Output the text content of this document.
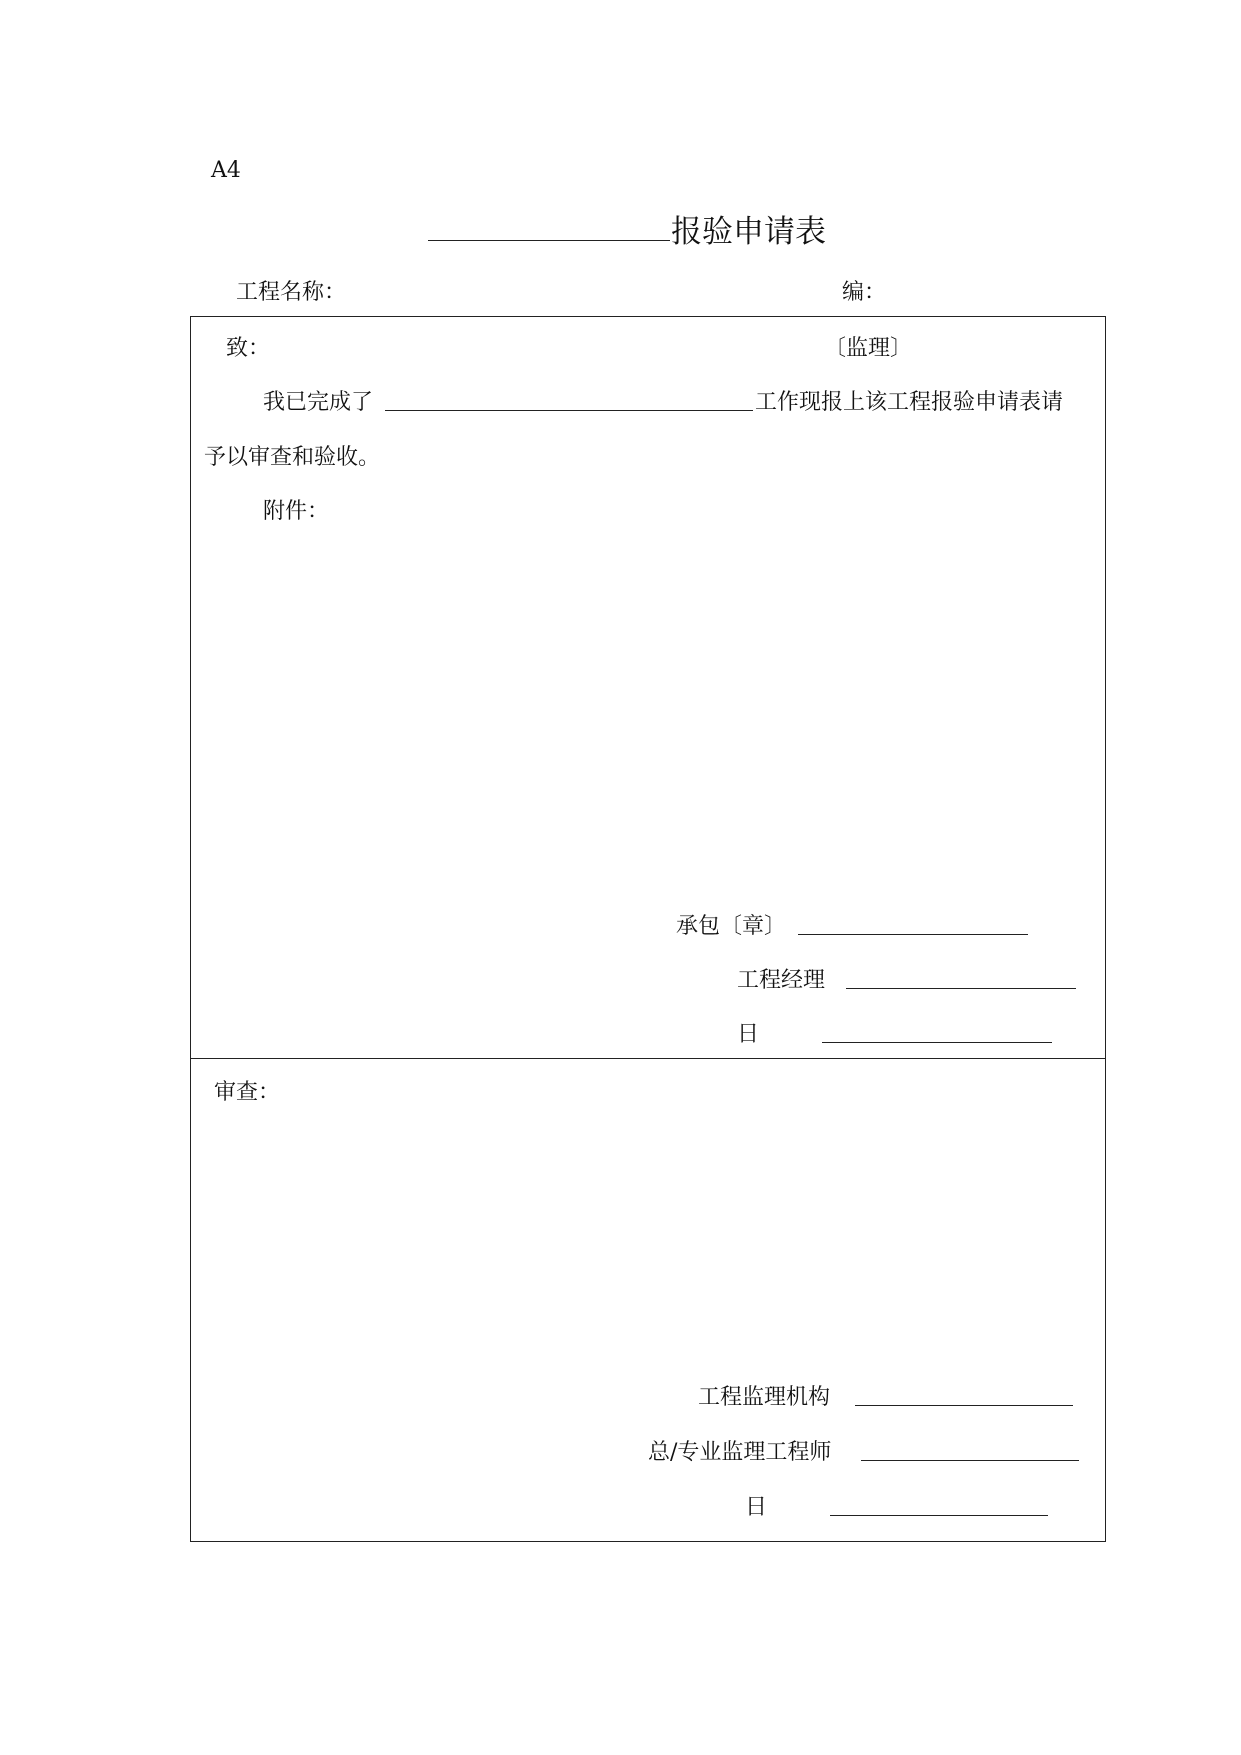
A4
报验申请表
工程名称：	编：
致：	〔监理〕
我已完成了	工作现报上该工程报验申请表请
予以审查和验收。
附件：
承包〔章〕
工程经理
日
审查：
工程监理机构
总/专业监理工程师
日
